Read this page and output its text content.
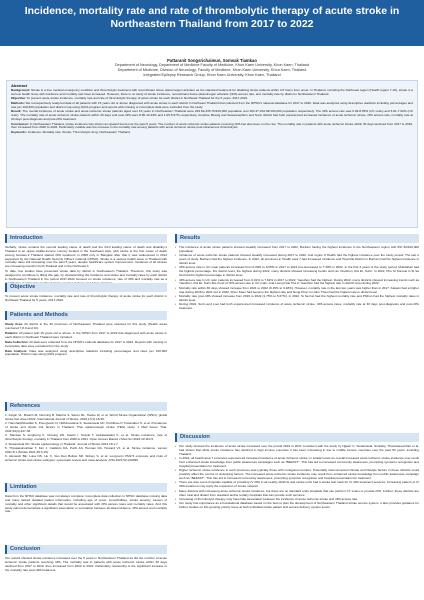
Incidence, mortality rate and rate of thrombolytic therapy of acute stroke in Northeastern Thailand from 2017 to 2022
Pattaranit Songsrichaimun, Somsak Tiamkao
Department of Neurology, Department of Medicine Faculty of Medicine, Khon Kaen University, Khon Kaen, Thailand
Department of Medicine, Division of Neurology, Faculty of Medicine, Khon Kaen University, Khon Kaen, Thailand
Integrated Epilepsy Research Group, Khon Kaen University, Khon Kaen, Thailand
Abstract

Background: Stroke is a true medical emergency condition and thrombolytic treatment with recombinant tissue plasminogen activator as the standard treatment for disabling stroke patients within 4.5 hours from onset. In Thailand, including the Northeast region (Health region 7-10), stroke is a serious health issue with incidence and mortality rate have increased. However, there is no study of stroke incidence, recombinant tissue plasminogen activator (rtPA) access rate, and mortality rate by district in Northeastern Thailand.

Objective: To present acute stroke incidence, mortality rate and rate of thrombolytic therapy of acute stroke for each district in Northeast Thailand for the 5 years, 2017-2022.

Methods: We retrospectively analyzed data of all patients with 15 years old or above diagnosed with acute stroke in each district in Northeast Thailand that collected from the NHSO's national database for 2017 to 2022. Data was analyzed using descriptive statistics including percentages and rate per 100,000 population and district map using QGIS program and reports with missing or incomplete data were excluded from the study.

Result: The overall incidence of acute stroke and acute ischemic stroke patients aged over 15 years in Northeastern Thailand were 264.69-335.76/100,000 population and 184.37-232.82/100,000 population respectively. The rtPA access rate was 6.09-8.05% (UC main) and 6.01-7.92% (UC refer). The mortality rate of acute ischemic stroke patients within 30 days and post-rtPA were 8.80-10.43% and 1.65-5.67% respectively. Amphoe Muang and Suwannaphum and Surin district had both experienced increased incidence of acute ischemic stroke, rtPA access rate, mortality rate at 30 days post-diagnosis and post-rtPA treatment.

Conclusion: In Northeastern Thailand, stroke incidence has shown an upward trend over the past 5 years. The number of acute ischemic stroke patients receiving rtPA has also been on the rise. The mortality rate in patients with acute ischemic stroke within 30 days declined from 2017 to 2019, then increased from 2020 to 2022. Particularly notable was the increase in the mortality rate among patients with acute ischemic stroke post-intravenous thrombolysis.

Keywords: Incidence; Mortality rate; Stroke; Thrombolytic drug; Northeastern Thailand

Introduction

Globally, stroke remains the second leading cause of death and the third leading cause of death and disability.1 Thailand is an upper-middle-income country located in the Southeast Asia, with stroke is the first cause of death among females.2 Thailand started rtPA treatment in 2008 only in Bangkok after that it was widespread in 2014 supported by the National Health Security Office's national (NHSO). Stroke is a serious health issue in Thailand with mortality rates still increasing over the past 5 years, despite healthcare system improvement. Incidence of all strokes are increasing overall in both Thailand and in the Northeast.3

To date, few studies have presented stroke data by district in Northeastern Thailand. Therefore, this study was designed to contribute to filling this gap, by characterizing the incidence and stroke and mortality rates by each district in Northeastern Thailand in the period 2017-2022 focused on stroke incidence, rate of rtPA and mortality rate as a

Objective

To present acute stroke incidence, mortality rate and rate of thrombolytic therapy of acute stroke for each district in Northeast Thailand for 5 years, 2017-2022.

Patients and Methods

Study Area: All district in the 20 provinces of Northeastern Thailand were selected for this study (Health areas numbered 7,8,9 and 10).

Patients: All patient with 15 years old or above, in the NHSO from 2017 to 2022 that diagnosed with acute stroke in each district in Northeast Thailand were included.

Data Collection: All data were collected from the NHSO's national database for 2017 to 2022. Reports with missing or incomplete data were excluded from the study.

Data Analysis: Data was analyzed using descriptive statistics including percentages and rates per 100,000 population. District map using QGIS program.

References
1. Feigin VL, Brainin M, Norrving B, Martins S, Sacco RL, Hacke W, et al. World Stroke Organization (WSO): global stroke fact sheet 2022. International Journal of Stroke. 2022;17(1):18-29.
2. Hanchaiphiboolkul S, Poungvarin N, Nidhinandana S, Suwanwela NC, Puthkhao P, Towanabut S, et al. Prevalence of stroke and stroke risk factors in Thailand: Thai epidemiologic stroke (TES) study. J Med Assoc Thai. 2011;94(4):427-36.
3. Tiamkao S, Ienghong K, Cheung LW, Celebi I, Suzuki T, Apiratwarakul K, et al. Stroke incidence, rate of thrombolytic therapy, mortality in Thailand from 2009 to 2021. Open Access Maced J Med Sci 2022;10:110-5.
4. Suwanwela NC. Stroke epidemiology in Thailand. Journal of Stroke 2014;16:1-7.
5. Thiyatakulsurikan T, Kim J, Caldkins DA, Poritt AS, Hennan DA, Howard VJ, et al. Stroke incidence. Lancet 2021;6:1 (Stroke 2021;38:3-15).
6. Alexandr BE, Luna NS, Liu X, Van Den Bullow SR, Sidney S, et al. Long-term PM2.5 exposure and risks of ischemic stroke and stroke subtypes: systematic review and meta-analysis. AHA 2021;52:e00099
Limitation

Data from the NHSO database was not always complete: incomplete data collection in NHSO database missing data and many lacked detailed patient information, including age of onset, comorbidities, stroke severity, causes of mortality and other significant details that would be associated with rtPA access rates and mortality rates. And this study cannot demonstrate a significant association or correlation between all data incidence, rtPA access and mortality rate.

Conclusion

Our results showed stroke incidence increased over the 5 years in Northeastern Thailand as did the number of acute ischemic stroke patients receiving rtPA. The mortality rate in patients with acute ischemic stroke within 30 days declined from 2017 to 2019, then increased from 2020 to 2022. Particularly noteworthy is the significant increase in the mortality rate post-rtPA treatment.

Results
• The incidence of acute stroke patients showed steadily increased from 2017 to 2022, Buriram having the highest incidence in the Northeastern region with 597.40/100,000 population.
• Incidence of acute ischemic stroke patients showed steadily increased during 2017 to 2022. And region 9 Health had the highest incidence over the study period. The last 2 years of study, Buriram had the highest incidence. In 2022, all provinces in Health area 7 had increased incidence and Huai Rat District in Buriram had the highest incidence in district level.
• rtPA access rate in UC main patients increased from 6.09% to 8.05% in 2017 to 2021 but decreased to 7.49% in 2022. In the first 3 years of the study period, Mukdahan had the highest percentage. For district level, the highest during 2022, many districts showed increasing trends such as Yasothon, Roi Et, Surin. In 2022, Phu Si Somsai in Si Sa Ket had the highest percentage in district level.
• rtPA access rate in UC refer patients increased from 6.01% to 7.92% in 2017 to 2022. Yasothon had the highest. During 2022, many districts showed increasing trends such as Yasothon, Roi Et, Surin like trend of rtPA access rate in UC main. And Loeng Nok Tha in Yasothon had the highest rate in district level during 2022.
• Mortality rate within 30 days showed increase from 2021 to 2022 (9.15% to 9.48%). However, mortality rate in the last two years was higher than in 2017. Kalasin had a higher rate during 2018 to 2021 but in 2022, Khon Kaen had become the highest rate and Nong Khon in Udon Thani had the highest rate in district level.
• Mortality rate post-rtPA showed increase from 2019 to 2022 (1.75% to 5.67%). In 2022, Si Sa Ket had the highest mortality rate and Phibun had the highest mortality rates in district level.
• During 2022, Surin and Loei had both experienced increased incidence of acute ischemic stroke, rtPA access rates, mortality rate at 30 days post-diagnosis and post-rtPA treatment.
Discussion
• Our study showed the incidence of acute stroke increased over the period 2019 to 2021 consistent with the study by Njjaeri C, Suwanwela. Similarly, Thamkaeowchan et al. had shown that while stroke incidence has declined in high income countries it has been increasing in low to middle income countries over the past 50 years, including Thailand.
• In 2022, all health area 7 provinces experienced increased incidence of acute ischemic stroke; in similar levels an overall increased acute ischemic stroke incidence may result from enhanced stroke knowledge from public awareness campaigns such as "BEFAST". This has led to increased community awareness, prompting symptom recognition and hospital presentation for treatment.
• Higher ischemic stroke incidence in such provinces was typically those with contiguous borders. Potentially interconnected climate and lifestyle factors in these districts could possibly affect the control of underlying factors. The increased acute ischemic stroke incidence may result from enhanced stroke knowledge from public awareness campaign such as "BEFAST". This has led to increased community awareness, prompting symptom recognition and hospital presentation for treatment.
• There are also some hospitals capable of providing IV rtPA in all nearby districts and stroke units had a stroke fast track for IV rtPA treatment services. Increasing pattern of IV rtPA treatment may imply the expansion of stroke network.
• Many districts with increasing acute ischemic stroke incidence, but there are no standard endo hospitals that can perform CT scans or provide rtPA. Further, these districts are often rural and distant from standard and/or tertiary hospitals that can provide such services.
• Increasing of thrombolytic therapy may have little association between the incidence of acute ischemic stroke and rtPA access rate.
• Our study has importance as a foundational database based on the best to plan the development of Northeastern Thailand stroke service system, it also provides guidance for further studies on this growing priority issue at both individual stroke patient and service delivery system levels.
